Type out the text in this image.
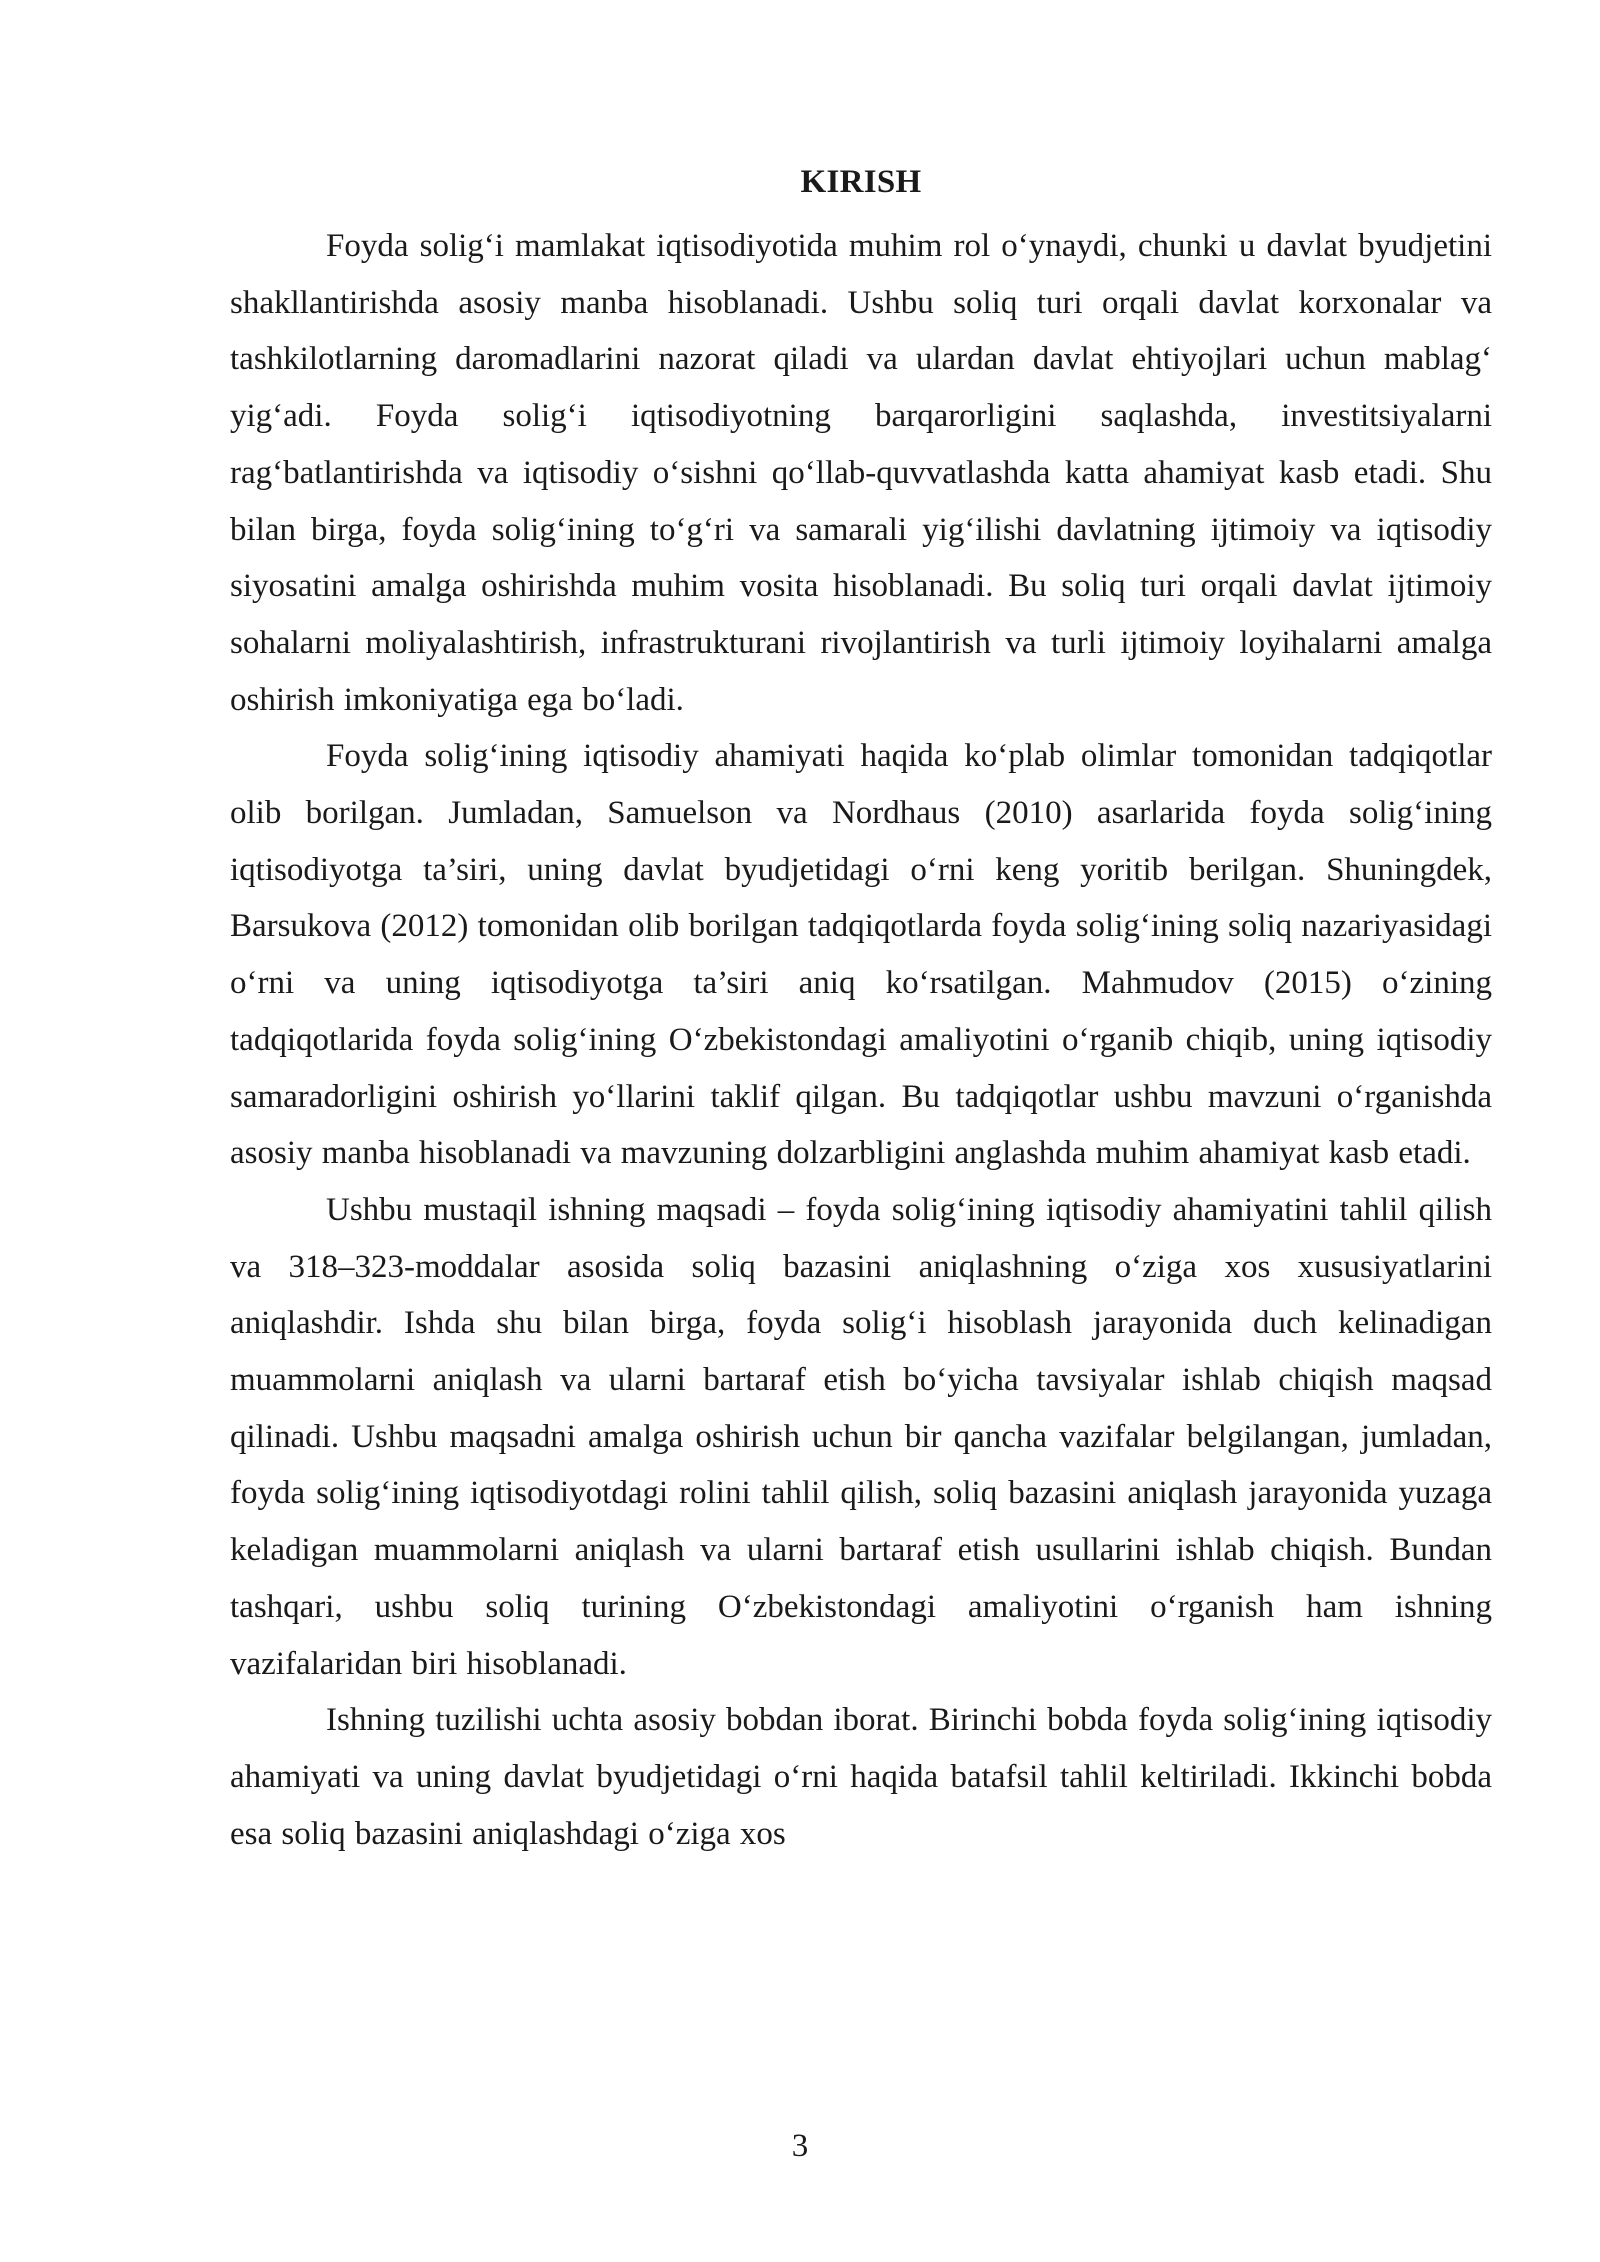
KIRISH

Foyda solig‘i mamlakat iqtisodiyotida muhim rol o‘ynaydi, chunki u davlat byudjetini shakllantirishda asosiy manba hisoblanadi. Ushbu soliq turi orqali davlat korxonalar va tashkilotlarning daromadlarini nazorat qiladi va ulardan davlat ehtiyojlari uchun mablag‘ yig‘adi. Foyda solig‘i iqtisodiyotning barqarorligini saqlashda, investitsiyalarni rag‘batlantirishda va iqtisodiy o‘sishni qo‘llab-quvvatlashda katta ahamiyat kasb etadi. Shu bilan birga, foyda solig‘ining to‘g‘ri va samarali yig‘ilishi davlatning ijtimoiy va iqtisodiy siyosatini amalga oshirishda muhim vosita hisoblanadi. Bu soliq turi orqali davlat ijtimoiy sohalarni moliyalashtirish, infrastrukturani rivojlantirish va turli ijtimoiy loyihalarni amalga oshirish imkoniyatiga ega bo‘ladi.

Foyda solig‘ining iqtisodiy ahamiyati haqida ko‘plab olimlar tomonidan tadqiqotlar olib borilgan. Jumladan, Samuelson va Nordhaus (2010) asarlarida foyda solig‘ining iqtisodiyotga ta’siri, uning davlat byudjetidagi o‘rni keng yoritib berilgan. Shuningdek, Barsukova (2012) tomonidan olib borilgan tadqiqotlarda foyda solig‘ining soliq nazariyasidagi o‘rni va uning iqtisodiyotga ta’siri aniq ko‘rsatilgan. Mahmudov (2015) o‘zining tadqiqotlarida foyda solig‘ining O‘zbekistondagi amaliyotini o‘rganib chiqib, uning iqtisodiy samaradorligini oshirish yo‘llarini taklif qilgan. Bu tadqiqotlar ushbu mavzuni o‘rganishda asosiy manba hisoblanadi va mavzuning dolzarbligini anglashda muhim ahamiyat kasb etadi.

Ushbu mustaqil ishning maqsadi – foyda solig‘ining iqtisodiy ahamiyatini tahlil qilish va 318–323-moddalar asosida soliq bazasini aniqlashning o‘ziga xos xususiyatlarini aniqlashdir. Ishda shu bilan birga, foyda solig‘i hisoblash jarayonida duch kelinadigan muammolarni aniqlash va ularni bartaraf etish bo‘yicha tavsiyalar ishlab chiqish maqsad qilinadi. Ushbu maqsadni amalga oshirish uchun bir qancha vazifalar belgilangan, jumladan, foyda solig‘ining iqtisodiyotdagi rolini tahlil qilish, soliq bazasini aniqlash jarayonida yuzaga keladigan muammolarni aniqlash va ularni bartaraf etish usullarini ishlab chiqish. Bundan tashqari, ushbu soliq turining O‘zbekistondagi amaliyotini o‘rganish ham ishning vazifalaridan biri hisoblanadi.

Ishning tuzilishi uchta asosiy bobdan iborat. Birinchi bobda foyda solig‘ining iqtisodiy ahamiyati va uning davlat byudjetidagi o‘rni haqida batafsil tahlil keltiriladi. Ikkinchi bobda esa soliq bazasini aniqlashdagi o‘ziga xos

3
